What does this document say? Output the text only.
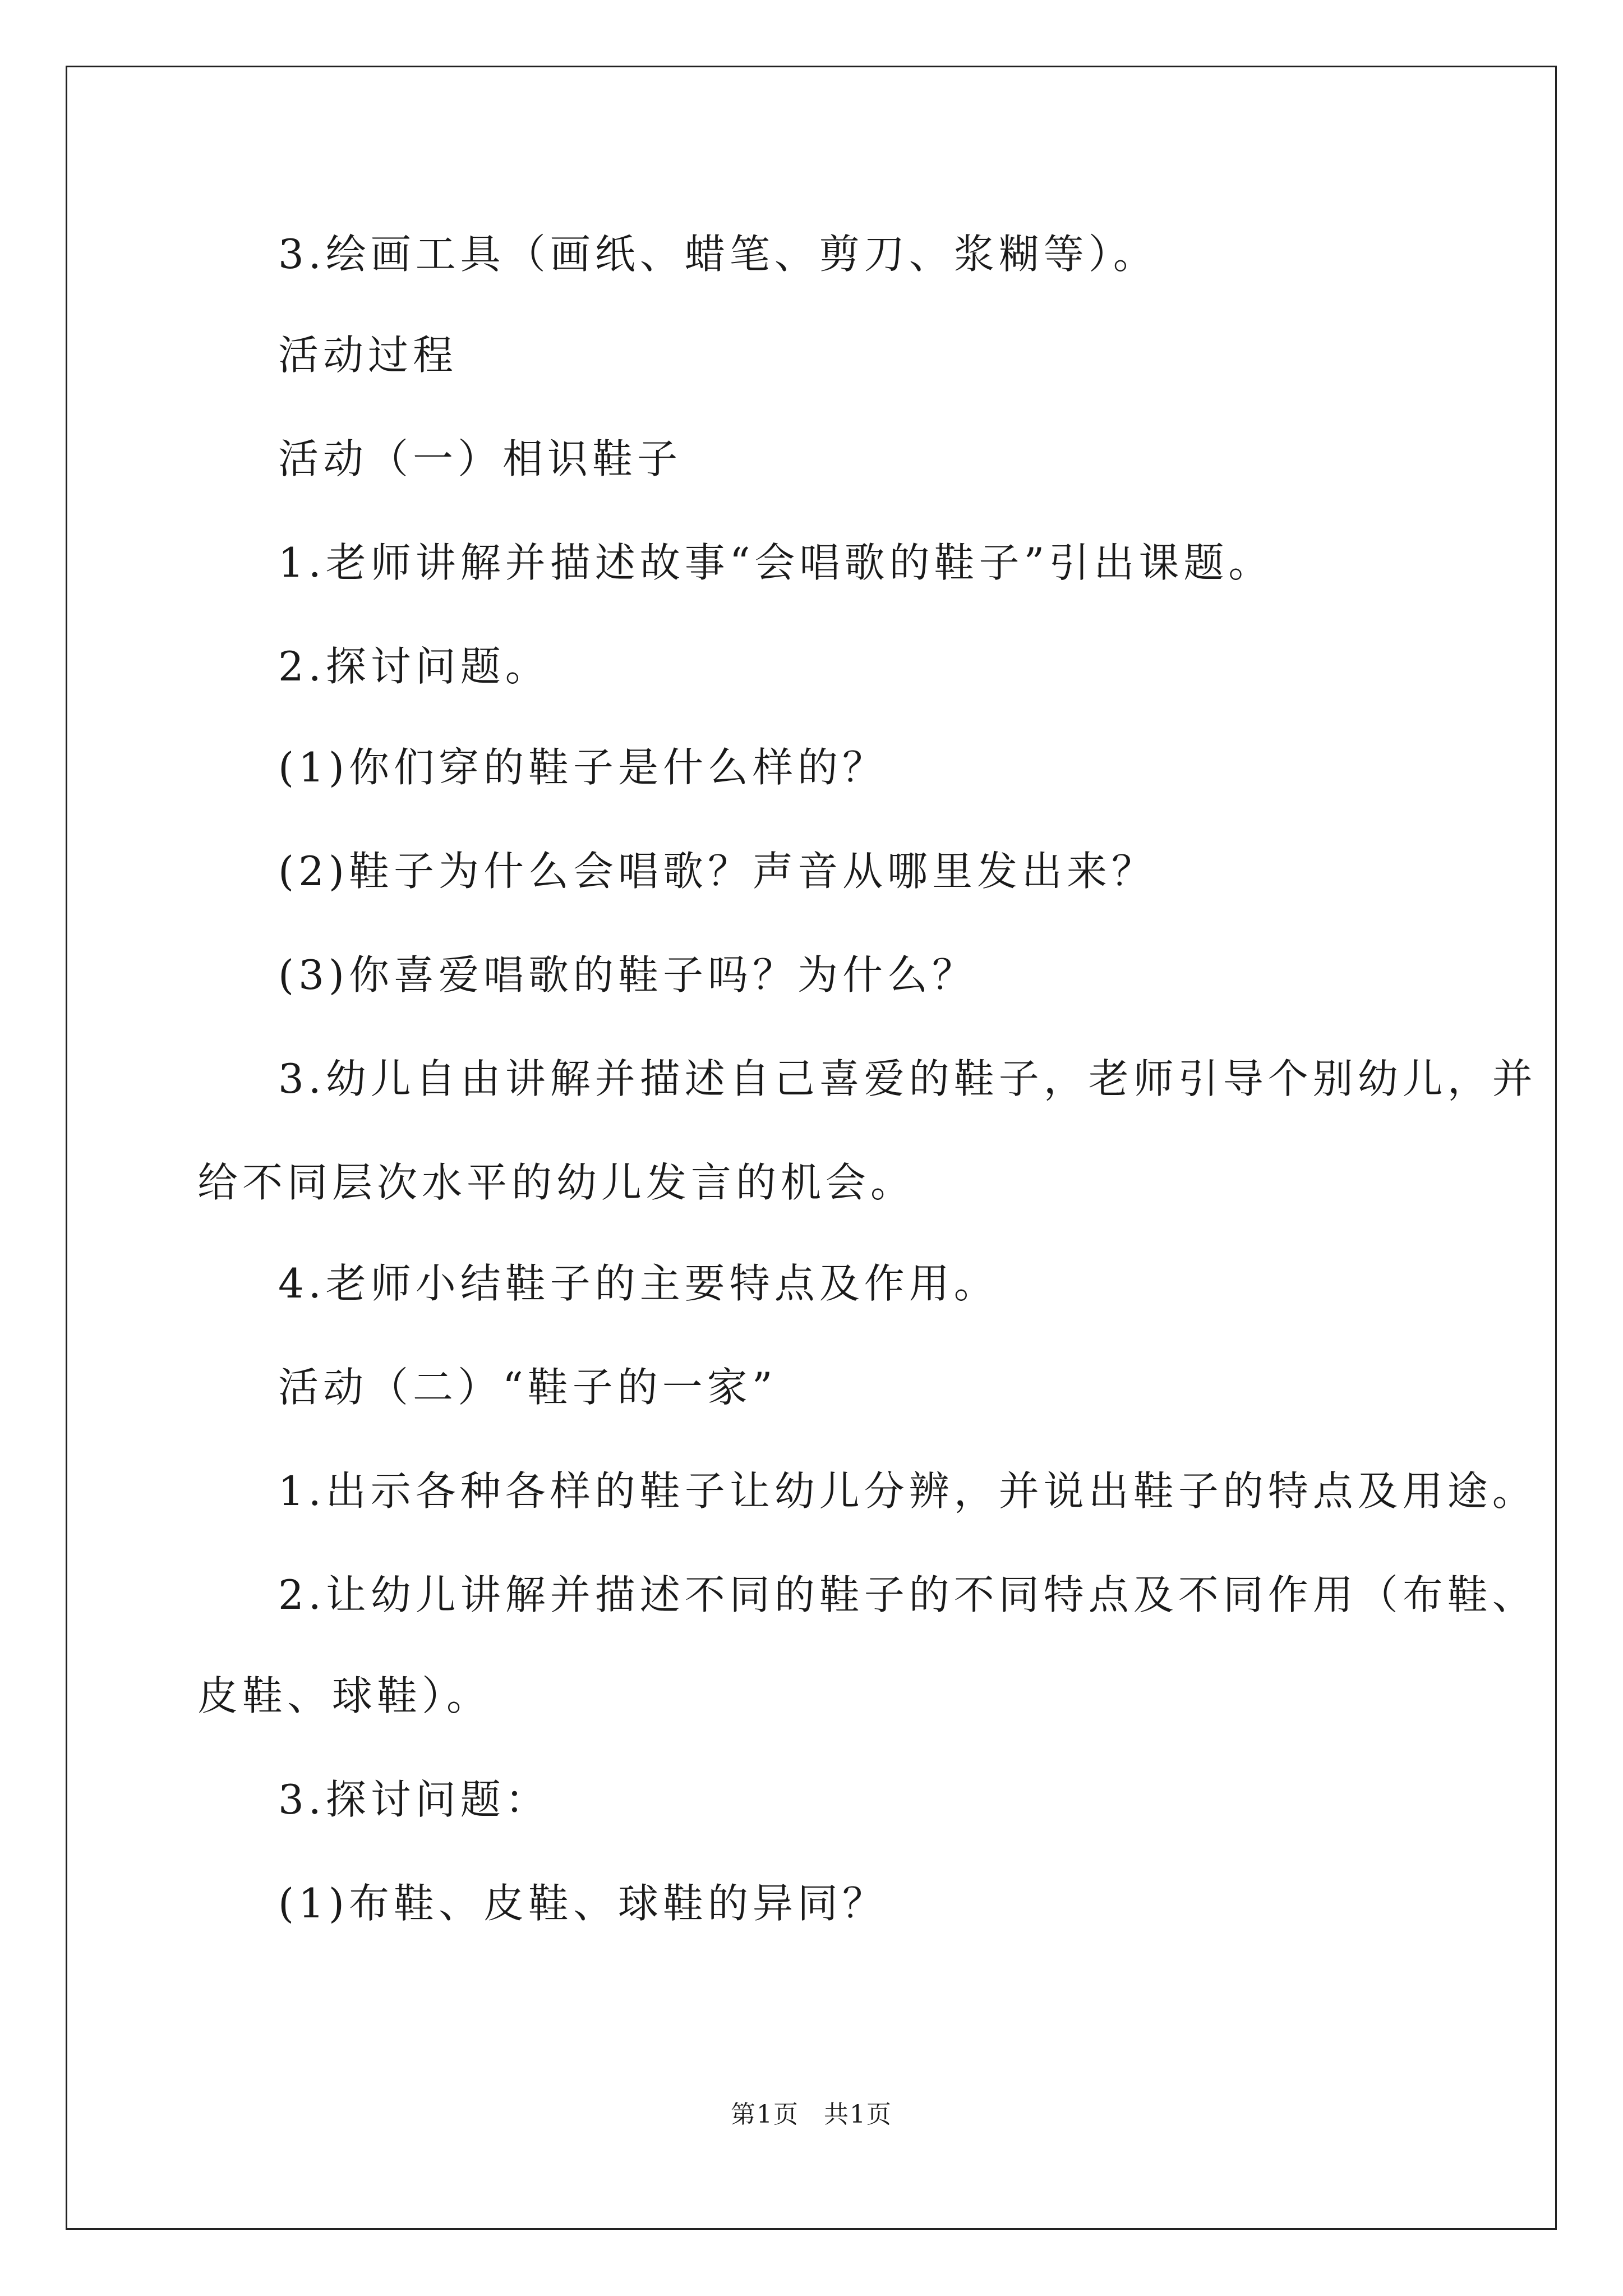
3.绘画工具（画纸、蜡笔、剪刀、浆糊等）。
活动过程
活动（一）相识鞋子
1.老师讲解并描述故事“会唱歌的鞋子”引出课题。
2.探讨问题。
(1)你们穿的鞋子是什么样的？
(2)鞋子为什么会唱歌？声音从哪里发出来？
(3)你喜爱唱歌的鞋子吗？为什么？
3.幼儿自由讲解并描述自己喜爱的鞋子，老师引导个别幼儿，并
给不同层次水平的幼儿发言的机会。
4.老师小结鞋子的主要特点及作用。
活动（二）“鞋子的一家”
1.出示各种各样的鞋子让幼儿分辨，并说出鞋子的特点及用途。
2.让幼儿讲解并描述不同的鞋子的不同特点及不同作用（布鞋、
皮鞋、球鞋）。
3.探讨问题：
(1)布鞋、皮鞋、球鞋的异同？
第1页 共1页
